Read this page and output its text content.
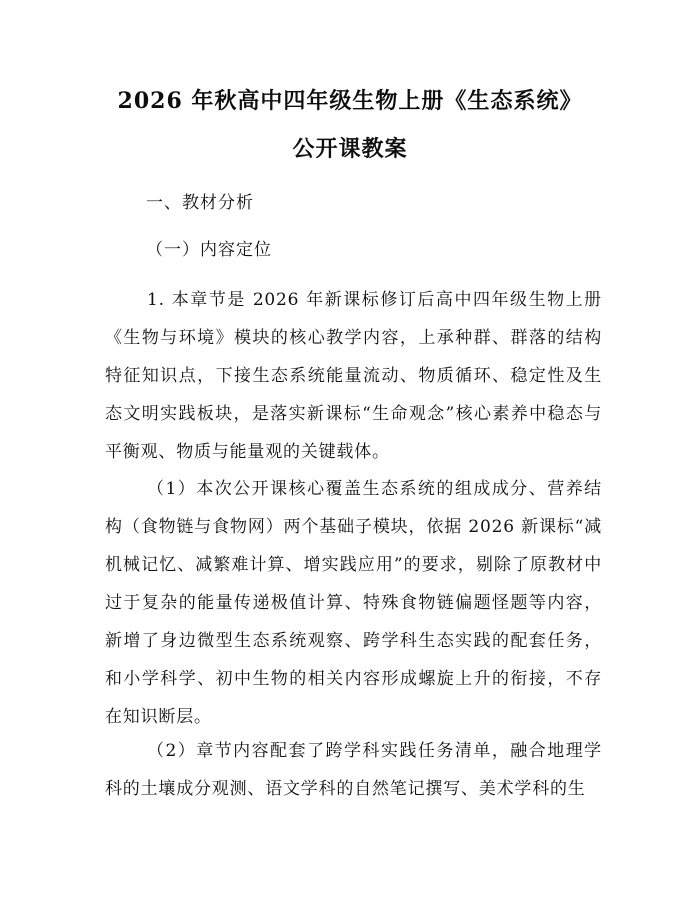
2026 年秋高中四年级生物上册《生态系统》
公开课教案
一、教材分析
（一）内容定位
1. 本章节是 2026 年新课标修订后高中四年级生物上册《生物与环境》模块的核心教学内容，上承种群、群落的结构特征知识点，下接生态系统能量流动、物质循环、稳定性及生态文明实践板块，是落实新课标“生命观念”核心素养中稳态与平衡观、物质与能量观的关键载体。
（1）本次公开课核心覆盖生态系统的组成成分、营养结构（食物链与食物网）两个基础子模块，依据 2026 新课标“减机械记忆、减繁难计算、增实践应用”的要求，剔除了原教材中过于复杂的能量传递极值计算、特殊食物链偏题怪题等内容，新增了身边微型生态系统观察、跨学科生态实践的配套任务，和小学科学、初中生物的相关内容形成螺旋上升的衔接，不存在知识断层。
（2）章节内容配套了跨学科实践任务清单，融合地理学科的土壤成分观测、语文学科的自然笔记撰写、美术学科的生
